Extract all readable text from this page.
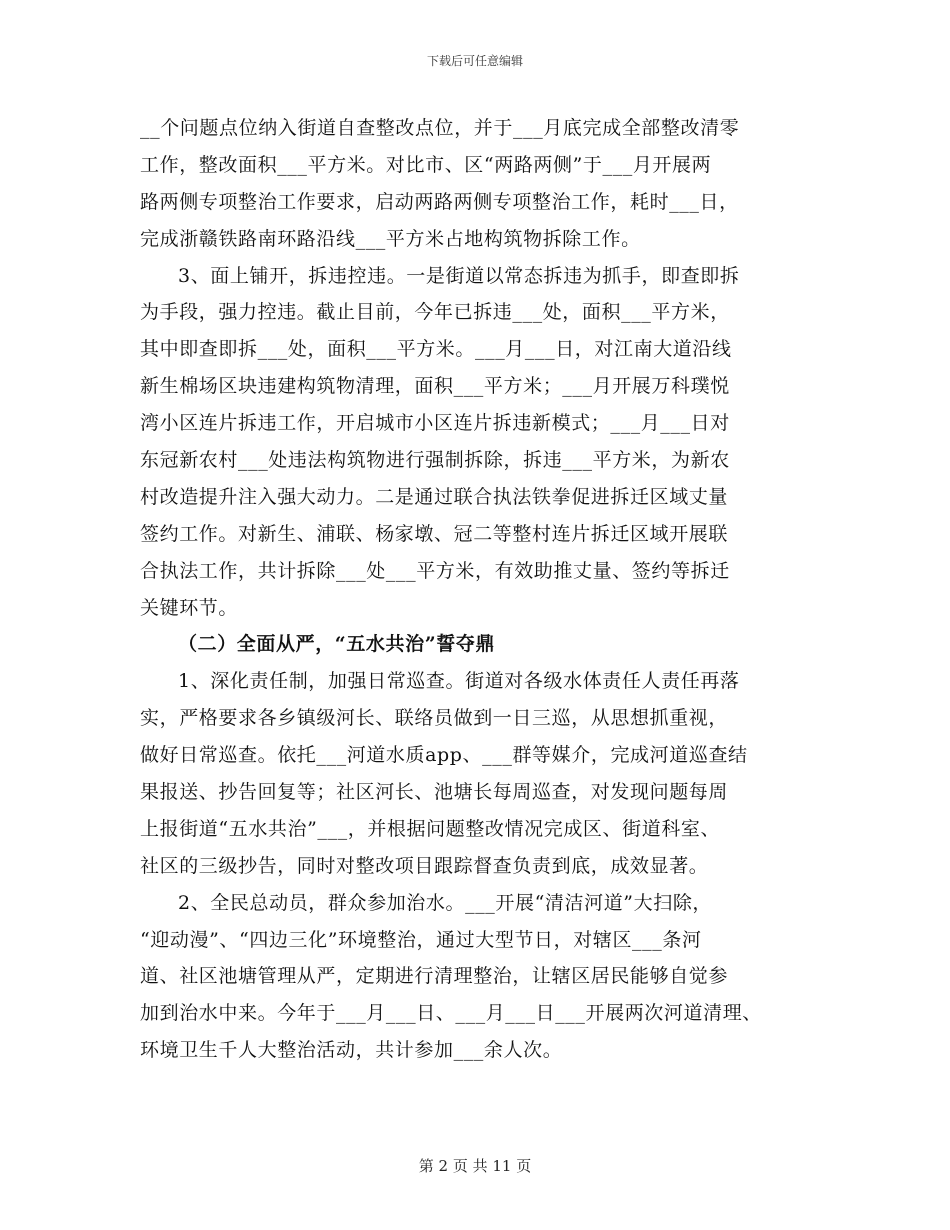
下载后可任意编辑
__个问题点位纳入街道自查整改点位，并于___月底完成全部整改清零
工作，整改面积___平方米。对比市、区“两路两侧”于___月开展两
路两侧专项整治工作要求，启动两路两侧专项整治工作，耗时___日，
完成浙赣铁路南环路沿线___平方米占地构筑物拆除工作。
3、面上铺开，拆违控违。一是街道以常态拆违为抓手，即查即拆
为手段，强力控违。截止目前，今年已拆违___处，面积___平方米，
其中即查即拆___处，面积___平方米。___月___日，对江南大道沿线
新生棉场区块违建构筑物清理，面积___平方米；___月开展万科璞悦
湾小区连片拆违工作，开启城市小区连片拆违新模式；___月___日对
东冠新农村___处违法构筑物进行强制拆除，拆违___平方米，为新农
村改造提升注入强大动力。二是通过联合执法铁拳促进拆迁区域丈量
签约工作。对新生、浦联、杨家墩、冠二等整村连片拆迁区域开展联
合执法工作，共计拆除___处___平方米，有效助推丈量、签约等拆迁
关键环节。
（二）全面从严，“五水共治”誓夺鼎
1、深化责任制，加强日常巡查。街道对各级水体责任人责任再落
实，严格要求各乡镇级河长、联络员做到一日三巡，从思想抓重视，
做好日常巡查。依托___河道水质app、___群等媒介，完成河道巡查结
果报送、抄告回复等；社区河长、池塘长每周巡查，对发现问题每周
上报街道“五水共治”___，并根据问题整改情况完成区、街道科室、
社区的三级抄告，同时对整改项目跟踪督查负责到底，成效显著。
2、全民总动员，群众参加治水。___开展“清洁河道”大扫除，
“迎动漫”、“四边三化”环境整治，通过大型节日，对辖区___条河
道、社区池塘管理从严，定期进行清理整治，让辖区居民能够自觉参
加到治水中来。今年于___月___日、___月___日___开展两次河道清理、
环境卫生千人大整治活动，共计参加___余人次。
第 2 页 共 11 页
